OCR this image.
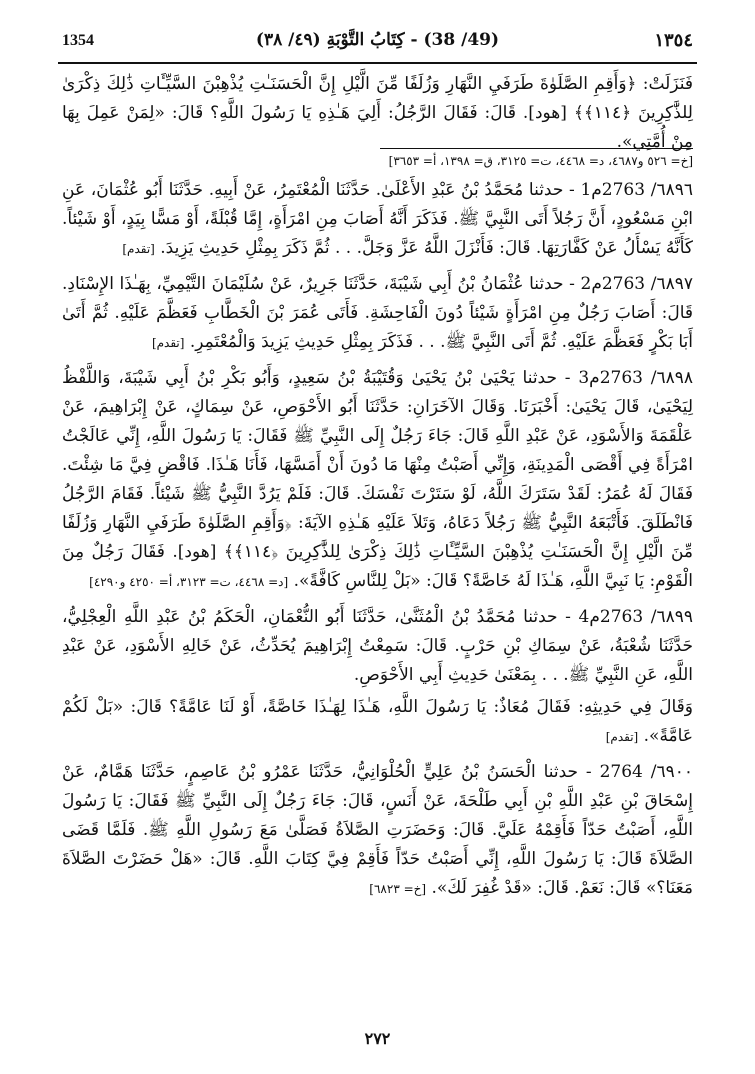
1354	(49/ 38) - كِتَابُ التَّوْبَةِ (٤٩/ ٣٨)	١٣٥٤

فَنَزَلَتْ: ﴿وَأَقِمِ الصَّلَوٰةَ طَرَفَيِ النَّهَارِ وَزُلَفًا مِّنَ الَّيْلِ إِنَّ الْحَسَنَـٰتِ يُذْهِبْنَ السَّيِّـَٔاتِ ذَٰلِكَ ذِكْرَىٰ لِلذَّٰكِرِينَ ﴿١١٤﴾﴾ [هود]. قَالَ: فَقَالَ الرَّجُلُ: أَلِيَ هَـٰذِهِ يَا رَسُولَ اللَّهِ؟ قَالَ: «لِمَنْ عَمِلَ بِهَا مِنْ أُمَّتِي».

[خ= ٥٢٦ و٤٦٨٧، د= ٤٤٦٨، ت= ٣١٢٥، ق= ١٣٩٨، أ= ٣٦٥٣]

٦٨٩٦/ 2763م1 - حدثنا مُحَمَّدُ بْنُ عَبْدِ الأَعْلَىٰ. حَدَّثَنَا الْمُعْتَمِرُ، عَنْ أَبِيهِ. حَدَّثَنَا أَبُو عُثْمَانَ، عَنِ ابْنِ مَسْعُودٍ، أَنَّ رَجُلاً أَتَى النَّبِيَّ ﷺ. فَذَكَرَ أَنَّهُ أَصَابَ مِنِ امْرَأَةٍ، إِمَّا قُبْلَةً، أَوْ مَسًّا بِيَدٍ، أَوْ شَيْئاً. كَأَنَّهُ يَسْأَلُ عَنْ كَفَّارَتِهَا. قَالَ: فَأَنْزَلَ اللَّهُ عَزَّ وَجَلَّ. . . ثُمَّ ذَكَرَ بِمِثْلِ حَدِيثِ يَزِيدَ. [تقدم]

٦٨٩٧/ 2763م2 - حدثنا عُثْمَانُ بْنُ أَبِي شَيْبَةَ، حَدَّثَنَا جَرِيرٌ، عَنْ سُلَيْمَانَ التَّيْمِيِّ، بِهَـٰذَا الإِسْنَادِ. قَالَ: أَصَابَ رَجُلٌ مِنِ امْرَأَةٍ شَيْئاً دُونَ الْفَاحِشَةِ. فَأَتَى عُمَرَ بْنَ الْخَطَّابِ فَعَظَّمَ عَلَيْهِ. ثُمَّ أَتَىٰ أَبَا بَكْرٍ فَعَظَّمَ عَلَيْهِ. ثُمَّ أَتَى النَّبِيَّ ﷺ. . . فَذَكَرَ بِمِثْلِ حَدِيثِ يَزِيدَ وَالْمُعْتَمِرِ. [تقدم]

٦٨٩٨/ 2763م3 - حدثنا يَحْيَىٰ بْنُ يَحْيَىٰ وَقُتَيْبَةُ بْنُ سَعِيدٍ، وَأَبُو بَكْرِ بْنُ أَبِي شَيْبَةَ، وَاللَّفْظُ لِيَحْيَىٰ، قَالَ يَحْيَىٰ: أَخْبَرَنَا. وَقَالَ الآخَرَانِ: حَدَّثَنَا أَبُو الأَحْوَصِ، عَنْ سِمَاكٍ، عَنْ إِبْرَاهِيمَ، عَنْ عَلْقَمَةَ وَالأَسْوَدِ، عَنْ عَبْدِ اللَّهِ قَالَ: جَاءَ رَجُلٌ إِلَى النَّبِيِّ ﷺ فَقَالَ: يَا رَسُولَ اللَّهِ، إِنِّي عَالَجْتُ امْرَأَةً فِي أَقْصَى الْمَدِينَةِ، وَإِنِّي أَصَبْتُ مِنْهَا مَا دُونَ أَنْ أَمَسَّهَا، فَأَنَا هَـٰذَا. فَاقْضِ فِيَّ مَا شِئْتَ. فَقَالَ لَهُ عُمَرُ: لَقَدْ سَتَرَكَ اللَّهُ، لَوْ سَتَرْتَ نَفْسَكَ. قَالَ: فَلَمْ يَرُدَّ النَّبِيُّ ﷺ شَيْئاً. فَقَامَ الرَّجُلُ فَانْطَلَقَ. فَأَتْبَعَهُ النَّبِيُّ ﷺ رَجُلاً دَعَاهُ، وَتَلاَ عَلَيْهِ هَـٰذِهِ الآيَةَ: ﴿وَأَقِمِ الصَّلَوٰةَ طَرَفَيِ النَّهَارِ وَزُلَفًا مِّنَ الَّيْلِ إِنَّ الْحَسَنَـٰتِ يُذْهِبْنَ السَّيِّـَٔاتِ ذَٰلِكَ ذِكْرَىٰ لِلذَّٰكِرِينَ ﴿١١٤﴾﴾ [هود]. فَقَالَ رَجُلٌ مِنَ الْقَوْمِ: يَا نَبِيَّ اللَّهِ، هَـٰذَا لَهُ خَاصَّةً؟ قَالَ: «بَلْ لِلنَّاسِ كَافَّةً». [د= ٤٤٦٨، ت= ٣١٢٣، أ= ٤٢٥٠ و٤٢٩٠]

٦٨٩٩/ 2763م4 - حدثنا مُحَمَّدُ بْنُ الْمُثَنَّىٰ، حَدَّثَنَا أَبُو النُّعْمَانِ، الْحَكَمُ بْنُ عَبْدِ اللَّهِ الْعِجْلِيُّ، حَدَّثَنَا شُعْبَةُ، عَنْ سِمَاكِ بْنِ حَرْبٍ. قَالَ: سَمِعْتُ إِبْرَاهِيمَ يُحَدِّثُ، عَنْ خَالِهِ الأَسْوَدِ، عَنْ عَبْدِ اللَّهِ، عَنِ النَّبِيِّ ﷺ. . . بِمَعْنَىٰ حَدِيثِ أَبِي الأَحْوَصِ.

وَقَالَ فِي حَدِيثِهِ: فَقَالَ مُعَاذٌ: يَا رَسُولَ اللَّهِ، هَـٰذَا لِهَـٰذَا خَاصَّةً، أَوْ لَنَا عَامَّةً؟ قَالَ: «بَلْ لَكُمْ عَامَّةً». [تقدم]

٦٩٠٠/ 2764 - حدثنا الْحَسَنُ بْنُ عَلِيٍّ الْحُلْوَانِيُّ، حَدَّثَنَا عَمْرُو بْنُ عَاصِمٍ، حَدَّثَنَا هَمَّامٌ، عَنْ إِسْحَاقَ بْنِ عَبْدِ اللَّهِ بْنِ أَبِي طَلْحَةَ، عَنْ أَنَسٍ، قَالَ: جَاءَ رَجُلٌ إِلَى النَّبِيِّ ﷺ فَقَالَ: يَا رَسُولَ اللَّهِ، أَصَبْتُ حَدّاً فَأَقِمْهُ عَلَيَّ. قَالَ: وَحَضَرَتِ الصَّلاَةُ فَصَلَّىٰ مَعَ رَسُولِ اللَّهِ ﷺ. فَلَمَّا قَضَى الصَّلاَةَ قَالَ: يَا رَسُولَ اللَّهِ، إِنِّي أَصَبْتُ حَدّاً فَأَقِمْ فِيَّ كِتَابَ اللَّهِ. قَالَ: «هَلْ حَضَرْتَ الصَّلاَةَ مَعَنَا؟» قَالَ: نَعَمْ. قَالَ: «قَدْ غُفِرَ لَكَ». [خ= ٦٨٢٣]

٢٧٢
